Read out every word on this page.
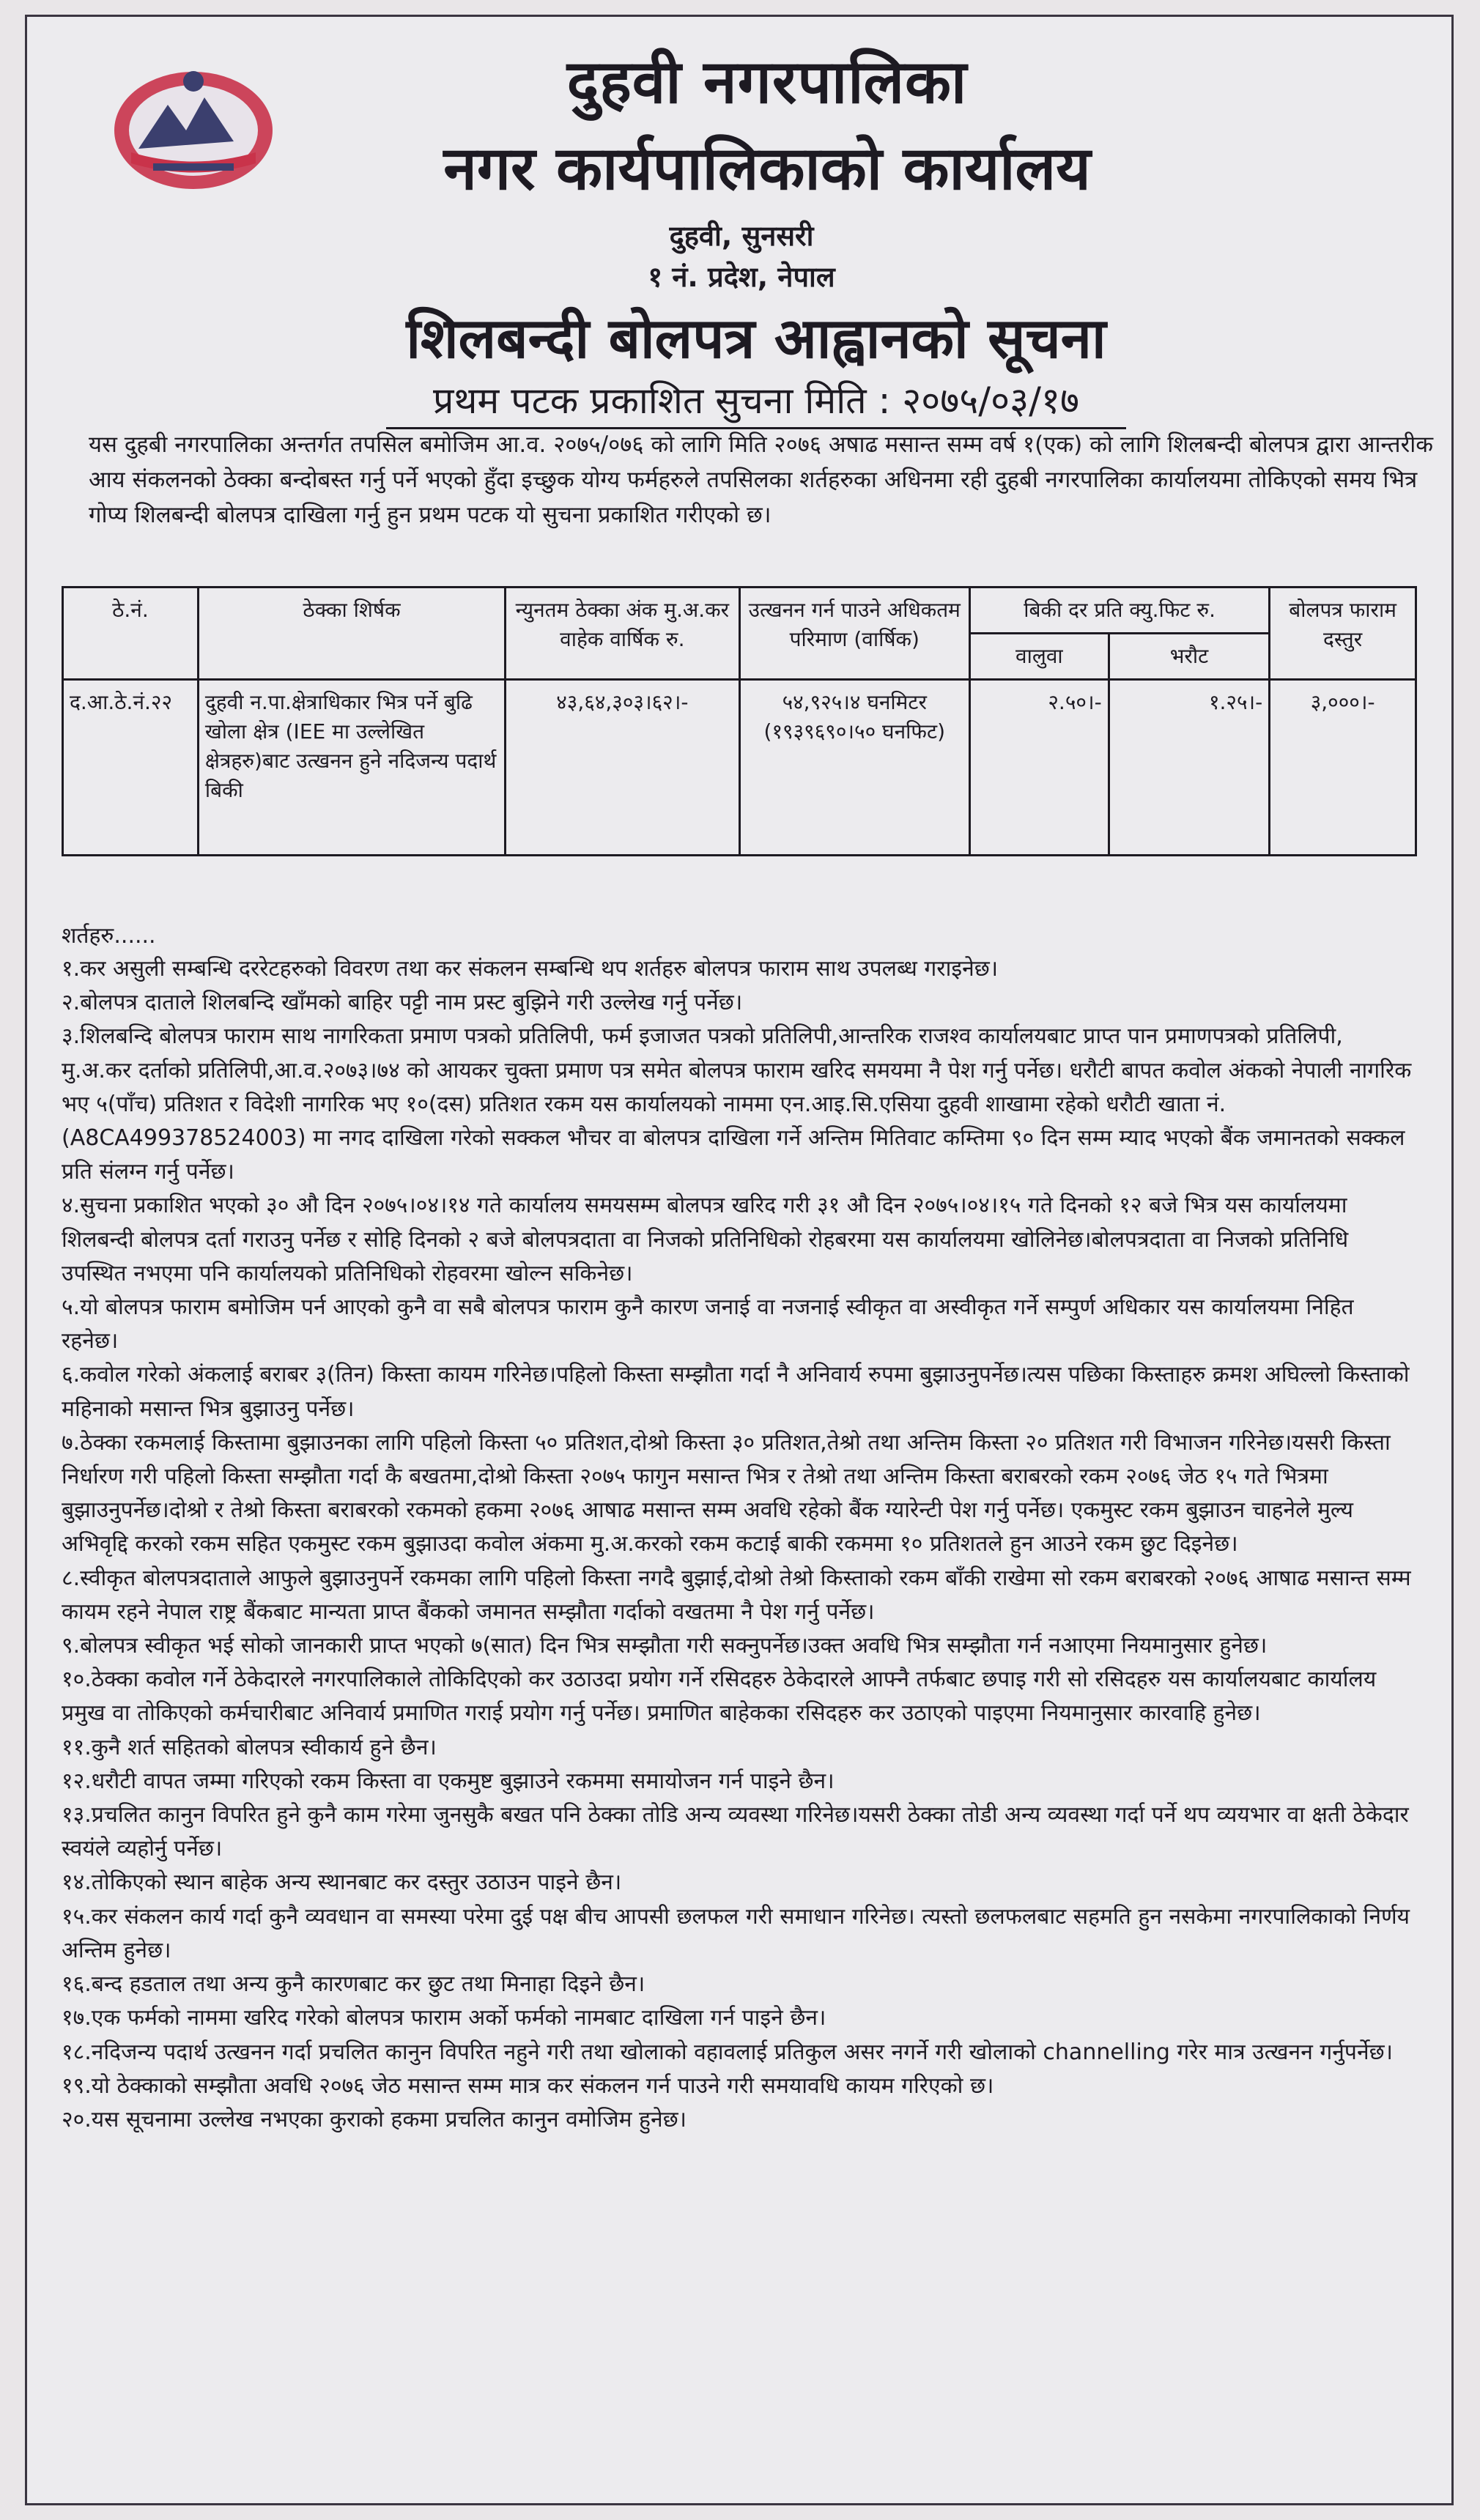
दुहवी नगरपालिका
नगर कार्यपालिकाको कार्यालय
दुहवी, सुनसरी
१ नं. प्रदेश, नेपाल
शिलबन्दी बोलपत्र आह्वानको सूचना
प्रथम पटक प्रकाशित सुचना मिति : २०७५/०३/१७
यस दुहबी नगरपालिका अन्तर्गत तपसिल बमोजिम आ.व. २०७५/०७६ को लागि मिति २०७६ अषाढ मसान्त सम्म वर्ष १(एक) को लागि शिलबन्दी बोलपत्र द्वारा आन्तरीक आय संकलनको ठेक्का बन्दोबस्त गर्नु पर्ने भएको हुँदा इच्छुक योग्य फर्महरुले तपसिलका शर्तहरुका अधिनमा रही दुहबी नगरपालिका कार्यालयमा तोकिएको समय भित्र गोप्य शिलबन्दी बोलपत्र दाखिला गर्नु हुन प्रथम पटक यो सुचना प्रकाशित गरीएको छ।
ठे.नं.	ठेक्का शिर्षक	न्युनतम ठेक्का अंक मु.अ.कर वाहेक वार्षिक रु.	उत्खनन गर्न पाउने अधिकतम परिमाण (वार्षिक)	बिकी दर प्रति क्यु.फिट रु.		बोलपत्र फाराम दस्तुर
				वालुवा	भरौट	
द.आ.ठे.नं.२२	दुहवी न.पा.क्षेत्राधिकार भित्र पर्ने बुढि खोला क्षेत्र (IEE मा उल्लेखित क्षेत्रहरु)बाट उत्खनन हुने नदिजन्य पदार्थ बिकी	४३,६४,३०३।६२।-	५४,९२५।४ घनमिटर (१९३९६९०।५० घनफिट)	२.५०।-	१.२५।-	३,०००।-
शर्तहरु......

१.कर असुली सम्बन्धि दररेटहरुको विवरण तथा कर संकलन सम्बन्धि थप शर्तहरु बोलपत्र फाराम साथ उपलब्ध गराइनेछ।

२.बोलपत्र दाताले शिलबन्दि खाँमको बाहिर पट्टी नाम प्रस्ट बुझिने गरी उल्लेख गर्नु पर्नेछ।

३.शिलबन्दि बोलपत्र फाराम साथ नागरिकता प्रमाण पत्रको प्रतिलिपी, फर्म इजाजत पत्रको प्रतिलिपी,आन्तरिक राजश्व कार्यालयबाट प्राप्त पान प्रमाणपत्रको प्रतिलिपी, मु.अ.कर दर्ताको प्रतिलिपी,आ.व.२०७३।७४ को आयकर चुक्ता प्रमाण पत्र समेत बोलपत्र फाराम खरिद समयमा नै पेश गर्नु पर्नेछ। धरौटी बापत कवोल अंकको नेपाली नागरिक भए ५(पाँच) प्रतिशत र विदेशी नागरिक भए १०(दस) प्रतिशत रकम यस कार्यालयको नाममा एन.आइ.सि.एसिया दुहवी शाखामा रहेको धरौटी खाता नं.(A8CA499378524003) मा नगद दाखिला गरेको सक्कल भौचर वा बोलपत्र दाखिला गर्ने अन्तिम मितिवाट कम्तिमा ९० दिन सम्म म्याद भएको बैंक जमानतको सक्कल प्रति संलग्न गर्नु पर्नेछ।

४.सुचना प्रकाशित भएको ३० औ दिन २०७५।०४।१४ गते कार्यालय समयसम्म बोलपत्र खरिद गरी ३१ औ दिन २०७५।०४।१५ गते दिनको १२ बजे भित्र यस कार्यालयमा शिलबन्दी बोलपत्र दर्ता गराउनु पर्नेछ र सोहि दिनको २ बजे बोलपत्रदाता वा निजको प्रतिनिधिको रोहबरमा यस कार्यालयमा खोलिनेछ।बोलपत्रदाता वा निजको प्रतिनिधि उपस्थित नभएमा पनि कार्यालयको प्रतिनिधिको रोहवरमा खोल्न सकिनेछ।

५.यो बोलपत्र फाराम बमोजिम पर्न आएको कुनै वा सबै बोलपत्र फाराम कुनै कारण जनाई वा नजनाई स्वीकृत वा अस्वीकृत गर्ने सम्पुर्ण अधिकार यस कार्यालयमा निहित रहनेछ।

६.कवोल गरेको अंकलाई बराबर ३(तिन) किस्ता कायम गरिनेछ।पहिलो किस्ता सम्झौता गर्दा नै अनिवार्य रुपमा बुझाउनुपर्नेछ।त्यस पछिका किस्ताहरु क्रमश अघिल्लो किस्ताको महिनाको मसान्त भित्र बुझाउनु पर्नेछ।

७.ठेक्का रकमलाई किस्तामा बुझाउनका लागि पहिलो किस्ता ५० प्रतिशत,दोश्रो किस्ता ३० प्रतिशत,तेश्रो तथा अन्तिम किस्ता २० प्रतिशत गरी विभाजन गरिनेछ।यसरी किस्ता निर्धारण गरी पहिलो किस्ता सम्झौता गर्दा कै बखतमा,दोश्रो किस्ता २०७५ फागुन मसान्त भित्र र तेश्रो तथा अन्तिम किस्ता बराबरको रकम २०७६ जेठ १५ गते भित्रमा बुझाउनुपर्नेछ।दोश्रो र तेश्रो किस्ता बराबरको रकमको हकमा २०७६ आषाढ मसान्त सम्म अवधि रहेको बैंक ग्यारेन्टी पेश गर्नु पर्नेछ। एकमुस्ट रकम बुझाउन चाहनेले मुल्य अभिवृद्दि करको रकम सहित एकमुस्ट रकम बुझाउदा कवोल अंकमा मु.अ.करको रकम कटाई बाकी रकममा १० प्रतिशतले हुन आउने रकम छुट दिइनेछ।

८.स्वीकृत बोलपत्रदाताले आफुले बुझाउनुपर्ने रकमका लागि पहिलो किस्ता नगदै बुझाई,दोश्रो तेश्रो किस्ताको रकम बाँकी राखेमा सो रकम बराबरको २०७६ आषाढ मसान्त सम्म कायम रहने नेपाल राष्ट्र बैंकबाट मान्यता प्राप्त बैंकको जमानत सम्झौता गर्दाको वखतमा नै पेश गर्नु पर्नेछ।

९.बोलपत्र स्वीकृत भई सोको जानकारी प्राप्त भएको ७(सात) दिन भित्र सम्झौता गरी सक्नुपर्नेछ।उक्त अवधि भित्र सम्झौता गर्न नआएमा नियमानुसार हुनेछ।

१०.ठेक्का कवोल गर्ने ठेकेदारले नगरपालिकाले तोकिदिएको कर उठाउदा प्रयोग गर्ने रसिदहरु ठेकेदारले आफ्नै तर्फबाट छपाइ गरी सो रसिदहरु यस कार्यालयबाट कार्यालय प्रमुख वा तोकिएको कर्मचारीबाट अनिवार्य प्रमाणित गराई प्रयोग गर्नु पर्नेछ। प्रमाणित बाहेकका रसिदहरु कर उठाएको पाइएमा नियमानुसार कारवाहि हुनेछ।

११.कुनै शर्त सहितको बोलपत्र स्वीकार्य हुने छैन।

१२.धरौटी वापत जम्मा गरिएको रकम किस्ता वा एकमुष्ट बुझाउने रकममा समायोजन गर्न पाइने छैन।

१३.प्रचलित कानुन विपरित हुने कुनै काम गरेमा जुनसुकै बखत पनि ठेक्का तोडि अन्य व्यवस्था गरिनेछ।यसरी ठेक्का तोडी अन्य व्यवस्था गर्दा पर्ने थप व्ययभार वा क्षती ठेकेदार स्वयंले व्यहोर्नु पर्नेछ।

१४.तोकिएको स्थान बाहेक अन्य स्थानबाट कर दस्तुर उठाउन पाइने छैन।

१५.कर संकलन कार्य गर्दा कुनै व्यवधान वा समस्या परेमा दुई पक्ष बीच आपसी छलफल गरी समाधान गरिनेछ। त्यस्तो छलफलबाट सहमति हुन नसकेमा नगरपालिकाको निर्णय अन्तिम हुनेछ।

१६.बन्द हडताल तथा अन्य कुनै कारणबाट कर छुट तथा मिनाहा दिइने छैन।

१७.एक फर्मको नाममा खरिद गरेको बोलपत्र फाराम अर्को फर्मको नामबाट दाखिला गर्न पाइने छैन।

१८.नदिजन्य पदार्थ उत्खनन गर्दा प्रचलित कानुन विपरित नहुने गरी तथा खोलाको वहावलाई प्रतिकुल असर नगर्ने गरी खोलाको channelling गरेर मात्र उत्खनन गर्नुपर्नेछ।

१९.यो ठेक्काको सम्झौता अवधि २०७६ जेठ मसान्त सम्म मात्र कर संकलन गर्न पाउने गरी समयावधि कायम गरिएको छ।

२०.यस सूचनामा उल्लेख नभएका कुराको हकमा प्रचलित कानुन वमोजिम हुनेछ।
